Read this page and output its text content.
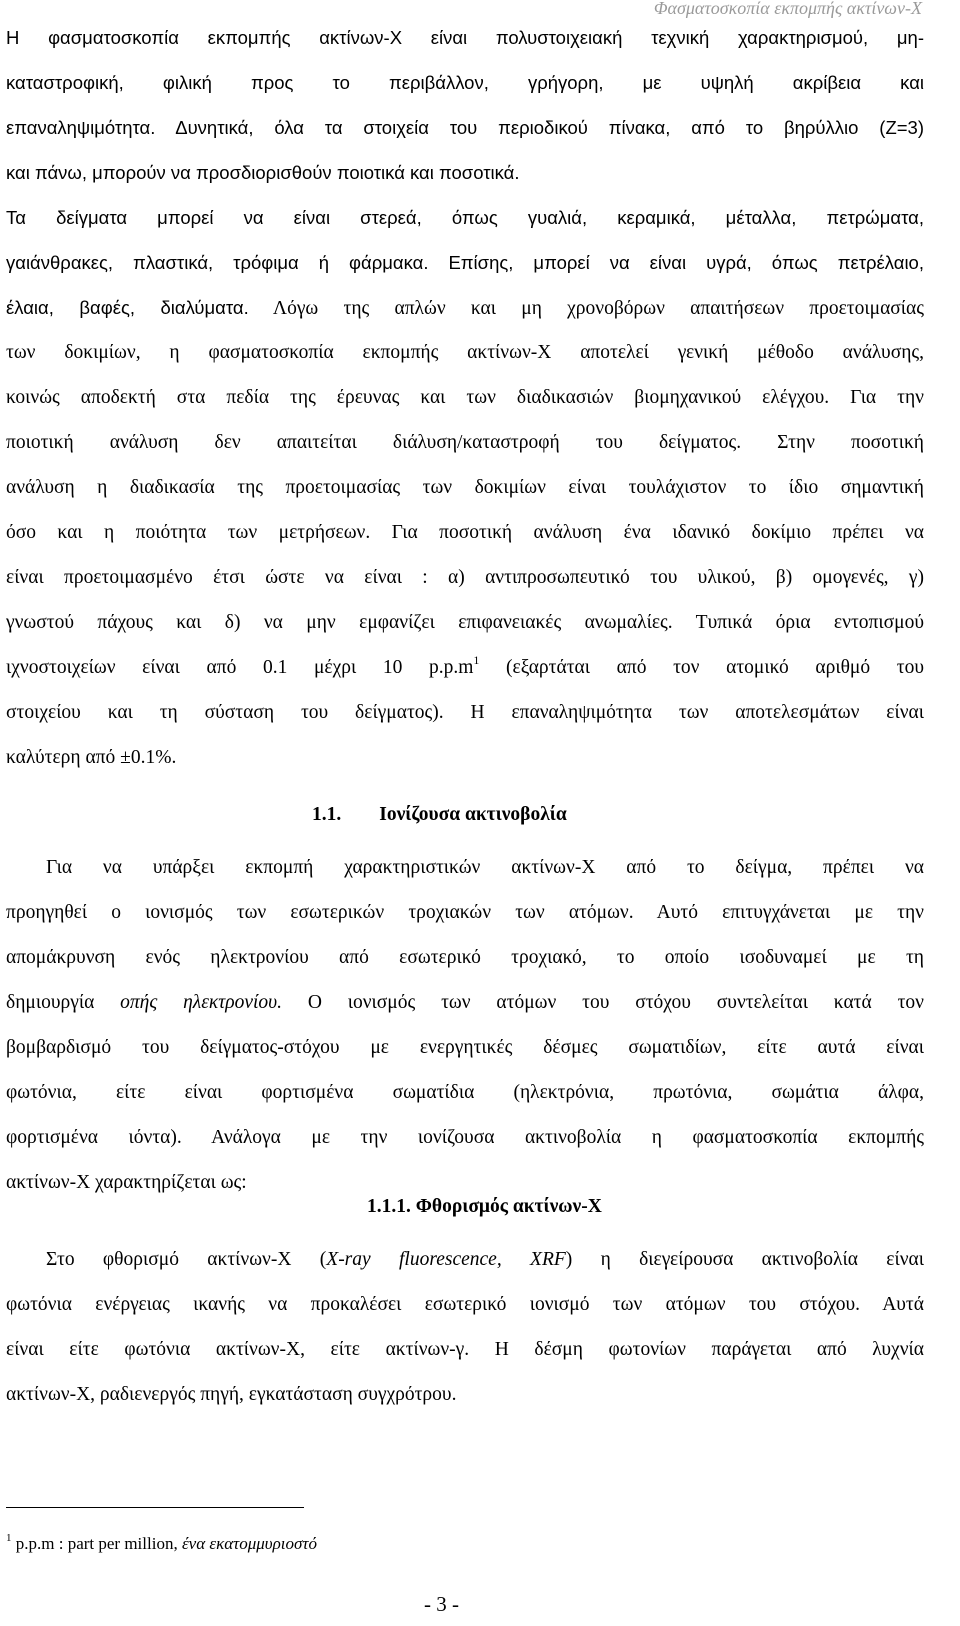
Φασματοσκοπία εκπομπής ακτίνων-Χ
Η φασματοσκοπία εκπομπής ακτίνων-Χ είναι πολυστοιχειακή τεχνική χαρακτηρισμού, μη-
καταστροφική, φιλική προς το περιβάλλον, γρήγορη, με υψηλή ακρίβεια και
επαναληψιμότητα. Δυνητικά, όλα τα στοιχεία του περιοδικού πίνακα, από το βηρύλλιο (Ζ=3)
και πάνω, μπορούν να προσδιορισθούν ποιοτικά και ποσοτικά.
Τα δείγματα μπορεί να είναι στερεά, όπως γυαλιά, κεραμικά, μέταλλα, πετρώματα,
γαιάνθρακες, πλαστικά, τρόφιμα ή φάρμακα. Επίσης, μπορεί να είναι υγρά, όπως πετρέλαιο,
έλαια, βαφές, διαλύματα. Λόγω της απλών και μη χρονοβόρων απαιτήσεων προετοιμασίας
των δοκιμίων, η φασματοσκοπία εκπομπής ακτίνων-Χ αποτελεί γενική μέθοδο ανάλυσης,
κοινώς αποδεκτή στα πεδία της έρευνας και των διαδικασιών βιομηχανικού ελέγχου. Για την
ποιοτική ανάλυση δεν απαιτείται διάλυση/καταστροφή του δείγματος. Στην ποσοτική
ανάλυση η διαδικασία της προετοιμασίας των δοκιμίων είναι τουλάχιστον το ίδιο σημαντική
όσο και η ποιότητα των μετρήσεων. Για ποσοτική ανάλυση ένα ιδανικό δοκίμιο πρέπει να
είναι προετοιμασμένο έτσι ώστε να είναι : α) αντιπροσωπευτικό του υλικού, β) ομογενές, γ)
γνωστού πάχους και δ) να μην εμφανίζει επιφανειακές ανωμαλίες. Τυπικά όρια εντοπισμού
ιχνοστοιχείων είναι από 0.1 μέχρι 10 $p.p.m^1$ (εξαρτάται από τον ατομικό αριθμό του
στοιχείου και τη σύσταση του δείγματος). Η επαναληψιμότητα των αποτελεσμάτων είναι
καλύτερη από ±0.1%.
1.1. Ιονίζουσα ακτινοβολία
Για να υπάρξει εκπομπή χαρακτηριστικών ακτίνων-Χ από το δείγμα, πρέπει να
προηγηθεί ο ιονισμός των εσωτερικών τροχιακών των ατόμων. Αυτό επιτυγχάνεται με την
απομάκρυνση ενός ηλεκτρονίου από εσωτερικό τροχιακό, το οποίο ισοδυναμεί με τη
δημιουργία οπής ηλεκτρονίου. Ο ιονισμός των ατόμων του στόχου συντελείται κατά τον
βομβαρδισμό του δείγματος-στόχου με ενεργητικές δέσμες σωματιδίων, είτε αυτά είναι
φωτόνια, είτε είναι φορτισμένα σωματίδια (ηλεκτρόνια, πρωτόνια, σωμάτια άλφα,
φορτισμένα ιόντα). Ανάλογα με την ιονίζουσα ακτινοβολία η φασματοσκοπία εκπομπής
ακτίνων-Χ χαρακτηρίζεται ως:
1.1.1. Φθορισμός ακτίνων-Χ
Στο φθορισμό ακτίνων-Χ (X-ray fluorescence, XRF) η διεγείρουσα ακτινοβολία είναι
φωτόνια ενέργειας ικανής να προκαλέσει εσωτερικό ιονισμό των ατόμων του στόχου. Αυτά
είναι είτε φωτόνια ακτίνων-Χ, είτε ακτίνων-γ. Η δέσμη φωτονίων παράγεται από λυχνία
ακτίνων-Χ, ραδιενεργός πηγή, εγκατάσταση συγχρότρου.
$^1$ p.p.m : part per million, ένα εκατομμυριοστό
- 3 -
